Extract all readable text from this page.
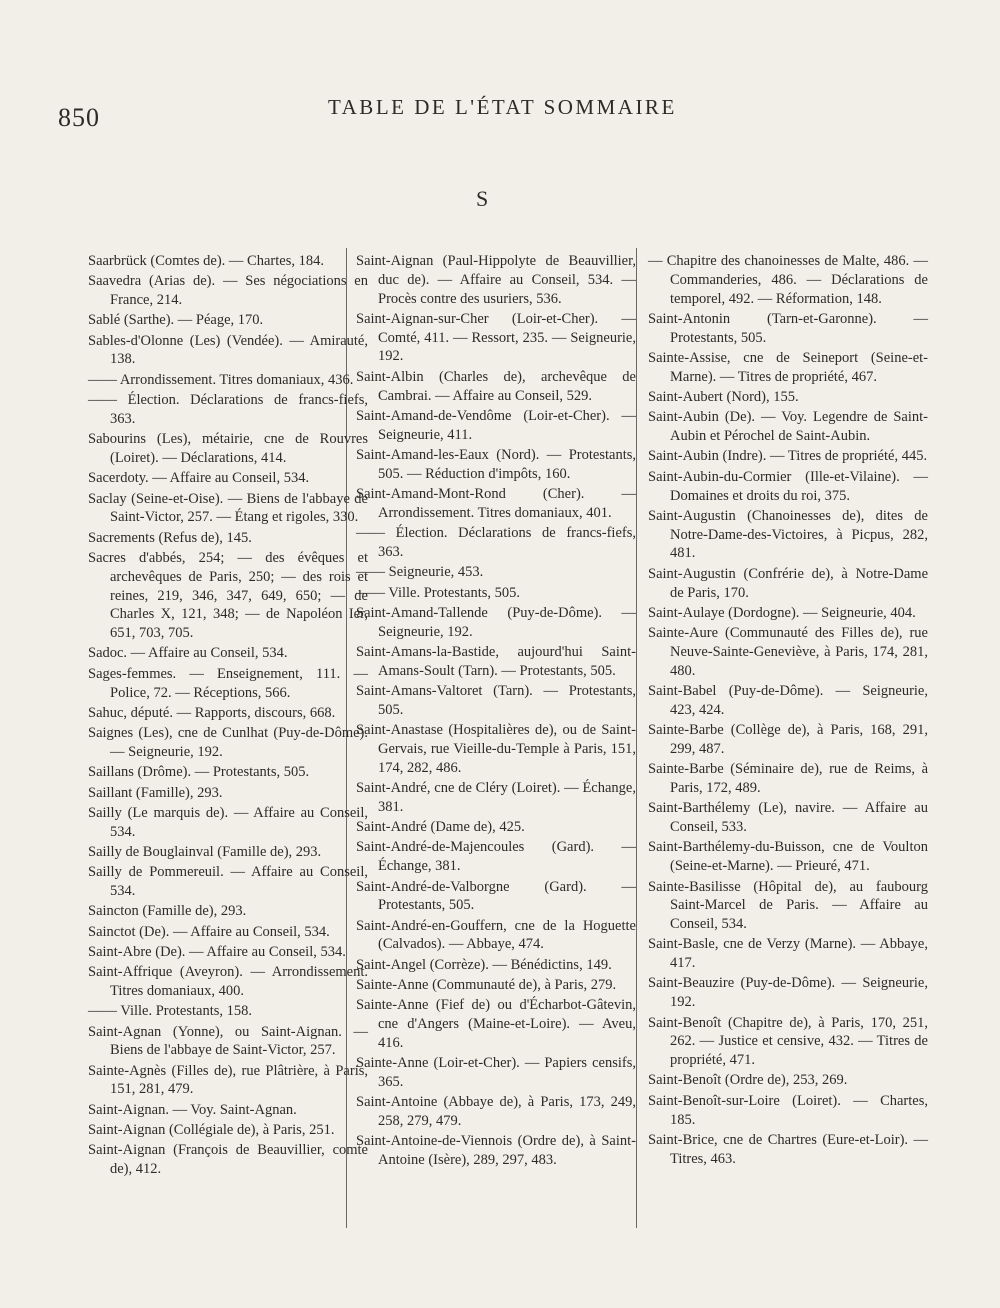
850	TABLE DE L'ÉTAT SOMMAIRE
S

Saarbrück (Comtes de). — Chartes, 184.

Saavedra (Arias de). — Ses négociations en France, 214.

Sablé (Sarthe). — Péage, 170.

Sables-d'Olonne (Les) (Vendée). — Amirauté, 138.

—— Arrondissement. Titres domaniaux, 436.

—— Élection. Déclarations de francs-fiefs, 363.

Sabourins (Les), métairie, cne de Rouvres (Loiret). — Déclarations, 414.

Sacerdoty. — Affaire au Conseil, 534.

Saclay (Seine-et-Oise). — Biens de l'abbaye de Saint-Victor, 257. — Étang et rigoles, 330.

Sacrements (Refus de), 145.

Sacres d'abbés, 254; — des évêques et archevêques de Paris, 250; — des rois et reines, 219, 346, 347, 649, 650; — de Charles X, 121, 348; — de Napoléon Ier, 651, 703, 705.

Sadoc. — Affaire au Conseil, 534.

Sages-femmes. — Enseignement, 111. — Police, 72. — Réceptions, 566.

Sahuc, député. — Rapports, discours, 668.

Saignes (Les), cne de Cunlhat (Puy-de-Dôme). — Seigneurie, 192.

Saillans (Drôme). — Protestants, 505.

Saillant (Famille), 293.

Sailly (Le marquis de). — Affaire au Conseil, 534.

Sailly de Bouglainval (Famille de), 293.

Sailly de Pommereuil. — Affaire au Conseil, 534.

Saincton (Famille de), 293.

Sainctot (De). — Affaire au Conseil, 534.

Saint-Abre (De). — Affaire au Conseil, 534.

Saint-Affrique (Aveyron). — Arrondissement. Titres domaniaux, 400.

—— Ville. Protestants, 158.

Saint-Agnan (Yonne), ou Saint-Aignan. — Biens de l'abbaye de Saint-Victor, 257.

Sainte-Agnès (Filles de), rue Plâtrière, à Paris, 151, 281, 479.

Saint-Aignan. — Voy. Saint-Agnan.

Saint-Aignan (Collégiale de), à Paris, 251.

Saint-Aignan (François de Beauvillier, comte de), 412.

Saint-Aignan (Paul-Hippolyte de Beauvillier, duc de). — Affaire au Conseil, 534. — Procès contre des usuriers, 536.

Saint-Aignan-sur-Cher (Loir-et-Cher). — Comté, 411. — Ressort, 235. — Seigneurie, 192.

Saint-Albin (Charles de), archevêque de Cambrai. — Affaire au Conseil, 529.

Saint-Amand-de-Vendôme (Loir-et-Cher). — Seigneurie, 411.

Saint-Amand-les-Eaux (Nord). — Protestants, 505. — Réduction d'impôts, 160.

Saint-Amand-Mont-Rond (Cher). — Arrondissement. Titres domaniaux, 401.

—— Élection. Déclarations de francs-fiefs, 363.

—— Seigneurie, 453.

—— Ville. Protestants, 505.

Saint-Amand-Tallende (Puy-de-Dôme). — Seigneurie, 192.

Saint-Amans-la-Bastide, aujourd'hui Saint-Amans-Soult (Tarn). — Protestants, 505.

Saint-Amans-Valtoret (Tarn). — Protestants, 505.

Saint-Anastase (Hospitalières de), ou de Saint-Gervais, rue Vieille-du-Temple à Paris, 151, 174, 282, 486.

Saint-André, cne de Cléry (Loiret). — Échange, 381.

Saint-André (Dame de), 425.

Saint-André-de-Majencoules (Gard). — Échange, 381.

Saint-André-de-Valborgne (Gard). — Protestants, 505.

Saint-André-en-Gouffern, cne de la Hoguette (Calvados). — Abbaye, 474.

Saint-Angel (Corrèze). — Bénédictins, 149.

Sainte-Anne (Communauté de), à Paris, 279.

Sainte-Anne (Fief de) ou d'Écharbot-Gâtevin, cne d'Angers (Maine-et-Loire). — Aveu, 416.

Sainte-Anne (Loir-et-Cher). — Papiers censifs, 365.

Saint-Antoine (Abbaye de), à Paris, 173, 249, 258, 279, 479.

Saint-Antoine-de-Viennois (Ordre de), à Saint-Antoine (Isère), 289, 297, 483.

— Chapitre des chanoinesses de Malte, 486. — Commanderies, 486. — Déclarations de temporel, 492. — Réformation, 148.

Saint-Antonin (Tarn-et-Garonne). — Protestants, 505.

Sainte-Assise, cne de Seineport (Seine-et-Marne). — Titres de propriété, 467.

Saint-Aubert (Nord), 155.

Saint-Aubin (De). — Voy. Legendre de Saint-Aubin et Pérochel de Saint-Aubin.

Saint-Aubin (Indre). — Titres de propriété, 445.

Saint-Aubin-du-Cormier (Ille-et-Vilaine). — Domaines et droits du roi, 375.

Saint-Augustin (Chanoinesses de), dites de Notre-Dame-des-Victoires, à Picpus, 282, 481.

Saint-Augustin (Confrérie de), à Notre-Dame de Paris, 170.

Saint-Aulaye (Dordogne). — Seigneurie, 404.

Sainte-Aure (Communauté des Filles de), rue Neuve-Sainte-Geneviève, à Paris, 174, 281, 480.

Saint-Babel (Puy-de-Dôme). — Seigneurie, 423, 424.

Sainte-Barbe (Collège de), à Paris, 168, 291, 299, 487.

Sainte-Barbe (Séminaire de), rue de Reims, à Paris, 172, 489.

Saint-Barthélemy (Le), navire. — Affaire au Conseil, 533.

Saint-Barthélemy-du-Buisson, cne de Voulton (Seine-et-Marne). — Prieuré, 471.

Sainte-Basilisse (Hôpital de), au faubourg Saint-Marcel de Paris. — Affaire au Conseil, 534.

Saint-Basle, cne de Verzy (Marne). — Abbaye, 417.

Saint-Beauzire (Puy-de-Dôme). — Seigneurie, 192.

Saint-Benoît (Chapitre de), à Paris, 170, 251, 262. — Justice et censive, 432. — Titres de propriété, 471.

Saint-Benoît (Ordre de), 253, 269.

Saint-Benoît-sur-Loire (Loiret). — Chartes, 185.

Saint-Brice, cne de Chartres (Eure-et-Loir). — Titres, 463.
